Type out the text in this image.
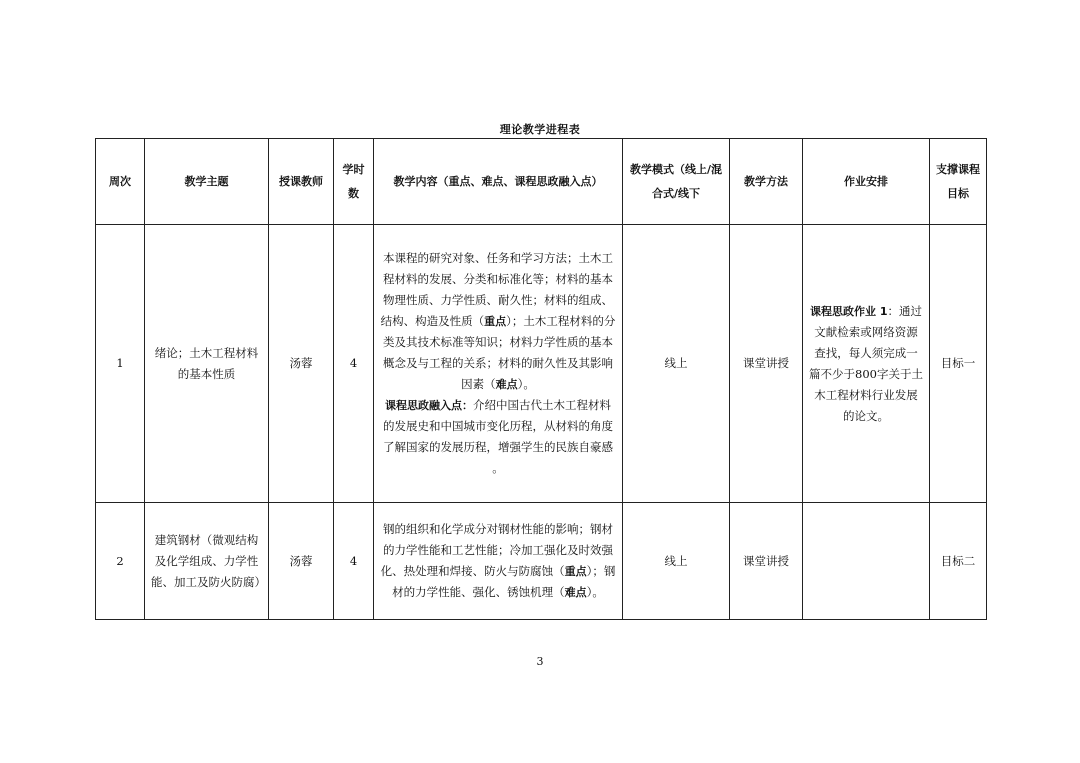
理论教学进程表
周次	教学主题	授课教师	学时数	教学内容（重点、难点、课程思政融入点）	教学模式（线上/混合式/线下	教学方法	作业安排	支撑课程目标
1	绪论；土木工程材料的基本性质	汤蓉	4	本课程的研究对象、任务和学习方法；土木工程材料的发展、分类和标准化等；材料的基本物理性质、力学性质、耐久性；材料的组成、结构、构造及性质（重点）；土木工程材料的分类及其技术标准等知识；材料力学性质的基本概念及与工程的关系；材料的耐久性及其影响因素（难点）。
课程思政融入点：介绍中国古代土木工程材料的发展史和中国城市变化历程，从材料的角度了解国家的发展历程，增强学生的民族自豪感 。	线上	课堂讲授	课程思政作业 1：通过文献检索或网络资源查找，每人须完成一篇不少于800字关于土木工程材料行业发展的论文。	目标一
2	建筑钢材（微观结构及化学组成、力学性能、加工及防火防腐）	汤蓉	4	钢的组织和化学成分对钢材性能的影响；钢材的力学性能和工艺性能；冷加工强化及时效强化、热处理和焊接、防火与防腐蚀（重点）；钢材的力学性能、强化、锈蚀机理（难点）。	线上	课堂讲授		目标二
3
